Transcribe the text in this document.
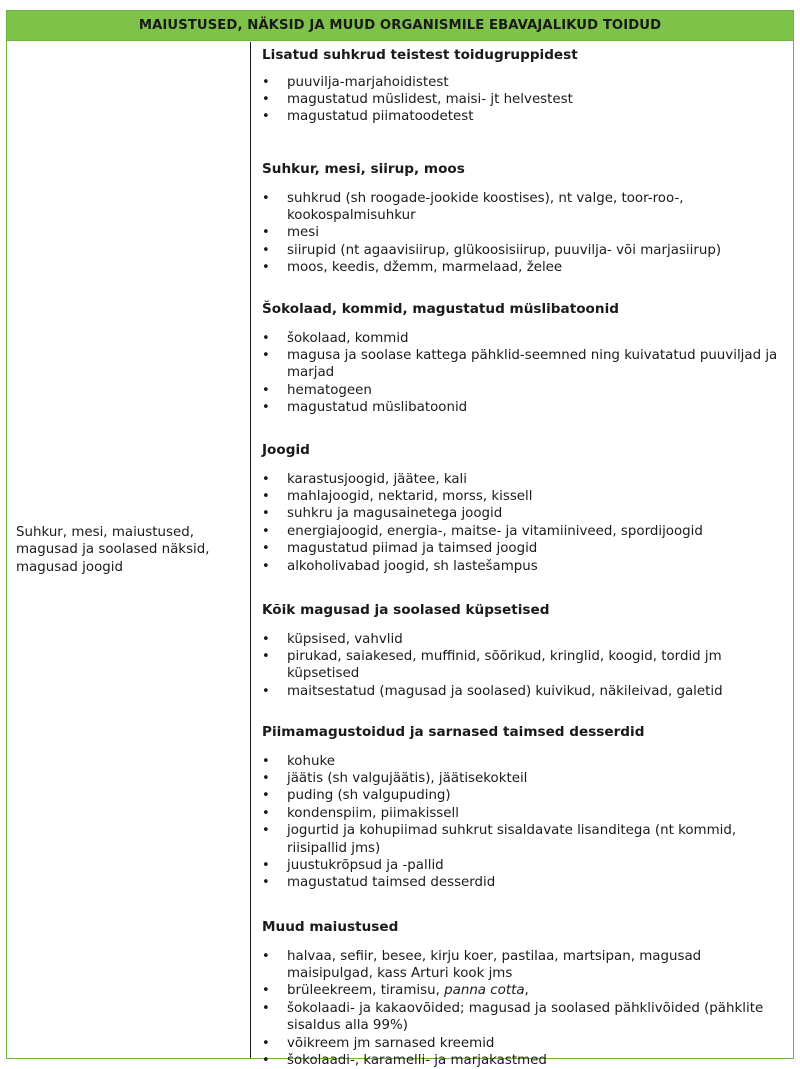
MAIUSTUSED, NÄKSID JA MUUD ORGANISMILE EBAVAJALIKUD TOIDUD
Suhkur, mesi, maiustused, magusad ja soolased näksid, magusad joogid

Lisatud suhkrud teistest toidugruppidest

• puuvilja-marjahoidistest
• magustatud müslidest, maisi- jt helvestest
• magustatud piimatoodetest

Suhkur, mesi, siirup, moos

• suhkrud (sh roogade-jookide koostises), nt valge, toor-roo-, kookospalmisuhkur
• mesi
• siirupid (nt agaavisiirup, glükoosisiirup, puuvilja- või marjasiirup)
• moos, keedis, džemm, marmelaad, želee

Šokolaad, kommid, magustatud müslibatoonid

• šokolaad, kommid
• magusa ja soolase kattega pähklid-seemned ning kuivatatud puuviljad ja marjad
• hematogeen
• magustatud müslibatoonid

Joogid

• karastusjoogid, jäätee, kali
• mahlajoogid, nektarid, morss, kissell
• suhkru ja magusainetega joogid
• energiajoogid, energia-, maitse- ja vitamiiniveed, spordijoogid
• magustatud piimad ja taimsed joogid
• alkoholivabad joogid, sh lastešampus

Kõik magusad ja soolased küpsetised

• küpsised, vahvlid
• pirukad, saiakesed, muffinid, sõõrikud, kringlid, koogid, tordid jm küpsetised
• maitsestatud (magusad ja soolased) kuivikud, näkileivad, galetid

Piimamagustoidud ja sarnased taimsed desserdid

• kohuke
• jäätis (sh valgujäätis), jäätisekokteil
• puding (sh valgupuding)
• kondenspiim, piimakissell
• jogurtid ja kohupiimad suhkrut sisaldavate lisanditega (nt kommid, riisipallid jms)
• juustukrõpsud ja -pallid
• magustatud taimsed desserdid

Muud maiustused

• halvaa, sefiir, besee, kirju koer, pastilaa, martsipan, magusad maisipulgad, kass Arturi kook jms
• brüleekreem, tiramisu, panna cotta,
• šokolaadi- ja kakaovõided; magusad ja soolased pähklivõided (pähklite sisaldus alla 99%)
• võikreem jm sarnased kreemid
• šokolaadi-, karamelli- ja marjakastmed
